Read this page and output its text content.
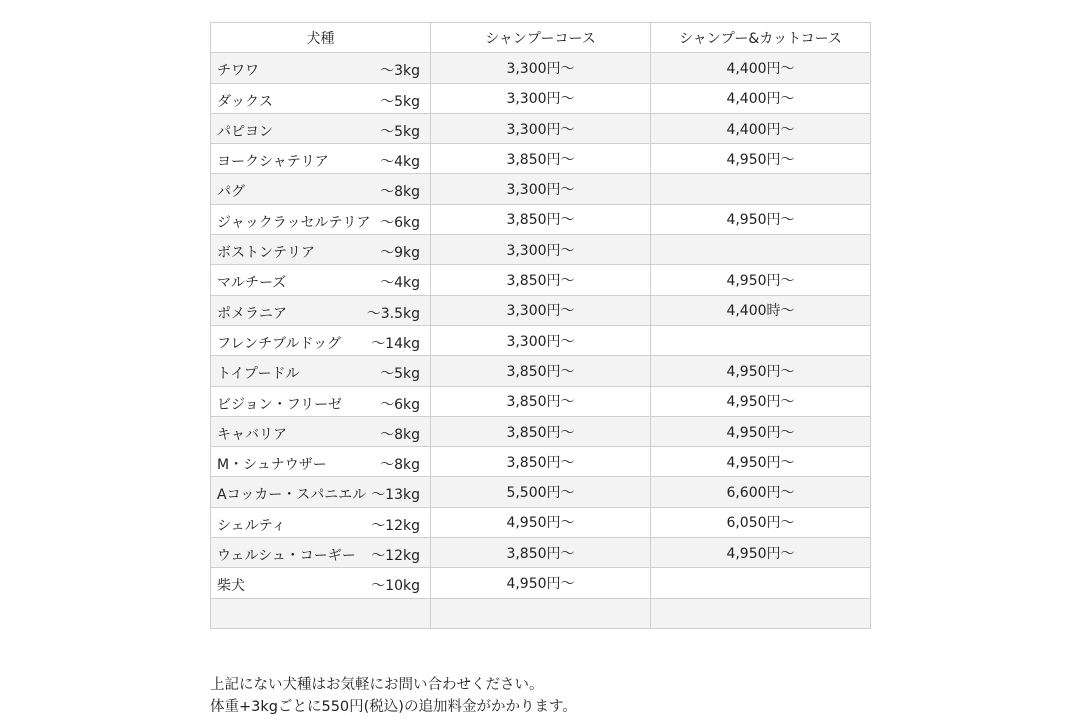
犬種	シャンプーコース	シャンプー&カットコース

チワワ 〜3kg	3,300円〜	4,400円〜

ダックス 〜5kg	3,300円〜	4,400円〜

パピヨン 〜5kg	3,300円〜	4,400円〜

ヨークシャテリア 〜4kg	3,850円〜	4,950円〜

パグ 〜8kg	3,300円〜	

ジャックラッセルテリア 〜6kg	3,850円〜	4,950円〜

ボストンテリア 〜9kg	3,300円〜	

マルチーズ 〜4kg	3,850円〜	4,950円〜

ポメラニア 〜3.5kg	3,300円〜	4,400時〜

フレンチブルドッグ 〜14kg	3,300円〜	

トイプードル 〜5kg	3,850円〜	4,950円〜

ビジョン・フリーゼ 〜6kg	3,850円〜	4,950円〜

キャバリア 〜8kg	3,850円〜	4,950円〜

M・シュナウザー 〜8kg	3,850円〜	4,950円〜

Aコッカー・スパニエル 〜13kg	5,500円〜	6,600円〜

シェルティ 〜12kg	4,950円〜	6,050円〜

ウェルシュ・コーギー 〜12kg	3,850円〜	4,950円〜

柴犬 〜10kg	4,950円〜	

上記にない犬種はお気軽にお問い合わせください。

体重+3kgごとに550円(税込)の追加料金がかかります。
